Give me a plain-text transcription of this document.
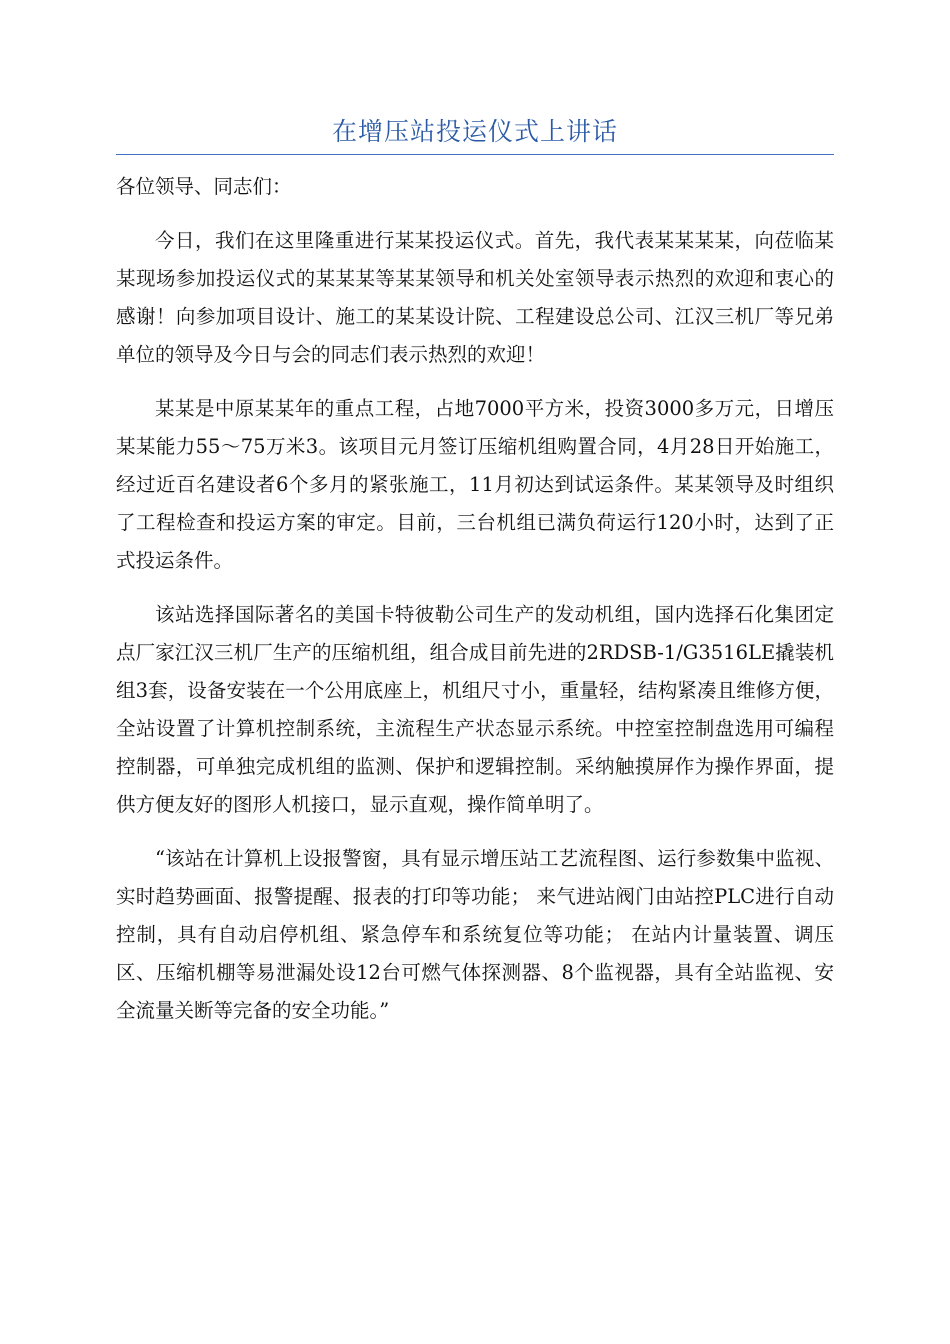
在增压站投运仪式上讲话

各位领导、同志们：

今日，我们在这里隆重进行某某投运仪式。首先，我代表某某某某，向莅临某某现场参加投运仪式的某某某等某某领导和机关处室领导表示热烈的欢迎和衷心的感谢！向参加项目设计、施工的某某设计院、工程建设总公司、江汉三机厂等兄弟单位的领导及今日与会的同志们表示热烈的欢迎！

某某是中原某某年的重点工程，占地7000平方米，投资3000多万元，日增压某某能力55～75万米3。该项目元月签订压缩机组购置合同，4月28日开始施工，经过近百名建设者6个多月的紧张施工，11月初达到试运条件。某某领导及时组织了工程检查和投运方案的审定。目前，三台机组已满负荷运行120小时，达到了正式投运条件。

该站选择国际著名的美国卡特彼勒公司生产的发动机组，国内选择石化集团定点厂家江汉三机厂生产的压缩机组，组合成目前先进的2RDSB-1/G3516LE撬装机组3套，设备安装在一个公用底座上，机组尺寸小，重量轻，结构紧凑且维修方便，全站设置了计算机控制系统，主流程生产状态显示系统。中控室控制盘选用可编程控制器，可单独完成机组的监测、保护和逻辑控制。采纳触摸屏作为操作界面，提供方便友好的图形人机接口，显示直观，操作简单明了。

“该站在计算机上设报警窗，具有显示增压站工艺流程图、运行参数集中监视、实时趋势画面、报警提醒、报表的打印等功能； 来气进站阀门由站控PLC进行自动控制，具有自动启停机组、紧急停车和系统复位等功能； 在站内计量装置、调压区、压缩机棚等易泄漏处设12台可燃气体探测器、8个监视器，具有全站监视、安全流量关断等完备的安全功能。”
